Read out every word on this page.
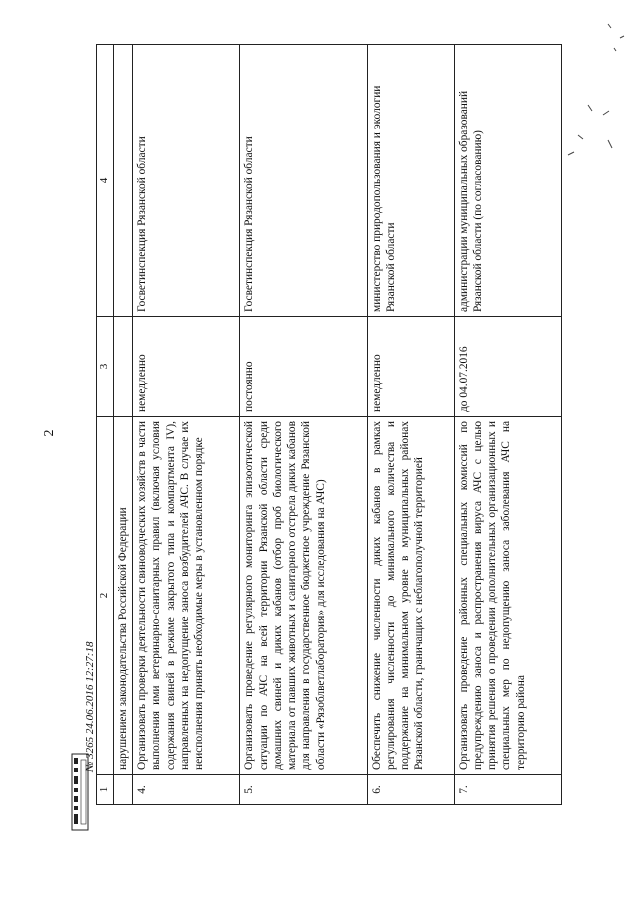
2
1	2	3	4
	нарушением законодательства Российской Федерации		
4.	Организовать проверки деятельности свиноводческих хозяйств в части выполнения ими ветеринарно-санитарных правил (включая условия содержания свиней в режиме закрытого типа и компартмента IV), направленных на недопущение заноса возбудителей АЧС. В случае их неисполнения принять необходимые меры в установленном порядке	немедленно	Госветинспекция Рязанской области
5.	Организовать проведение регулярного мониторинга эпизоотической ситуации по АЧС на всей территории Рязанской области среди домашних свиней и диких кабанов (отбор проб биологического материала от павших животных и санитарного отстрела диких кабанов для направления в государственное бюджетное учреждение Рязанской области «Рязоблветлаборатория» для исследования на АЧС)	постоянно	Госветинспекция Рязанской области
6.	Обеспечить снижение численности диких кабанов в рамках регулирования численности до минимального количества и поддержание на минимальном уровне в муниципальных районах Рязанской области, граничащих с неблагополучной территорией	немедленно	министерство природопользования и экологии Рязанской области
7.	Организовать проведение районных специальных комиссий по предупреждению заноса и распространения вируса АЧС с целью принятия решения о проведении дополнительных организационных и специальных мер по недопущению заноса заболевания АЧС на территорию района	до 04.07.2016	администрации муниципальных образований Рязанской области (по согласованию)
№ 3265 24.06.2016 12:27:18
